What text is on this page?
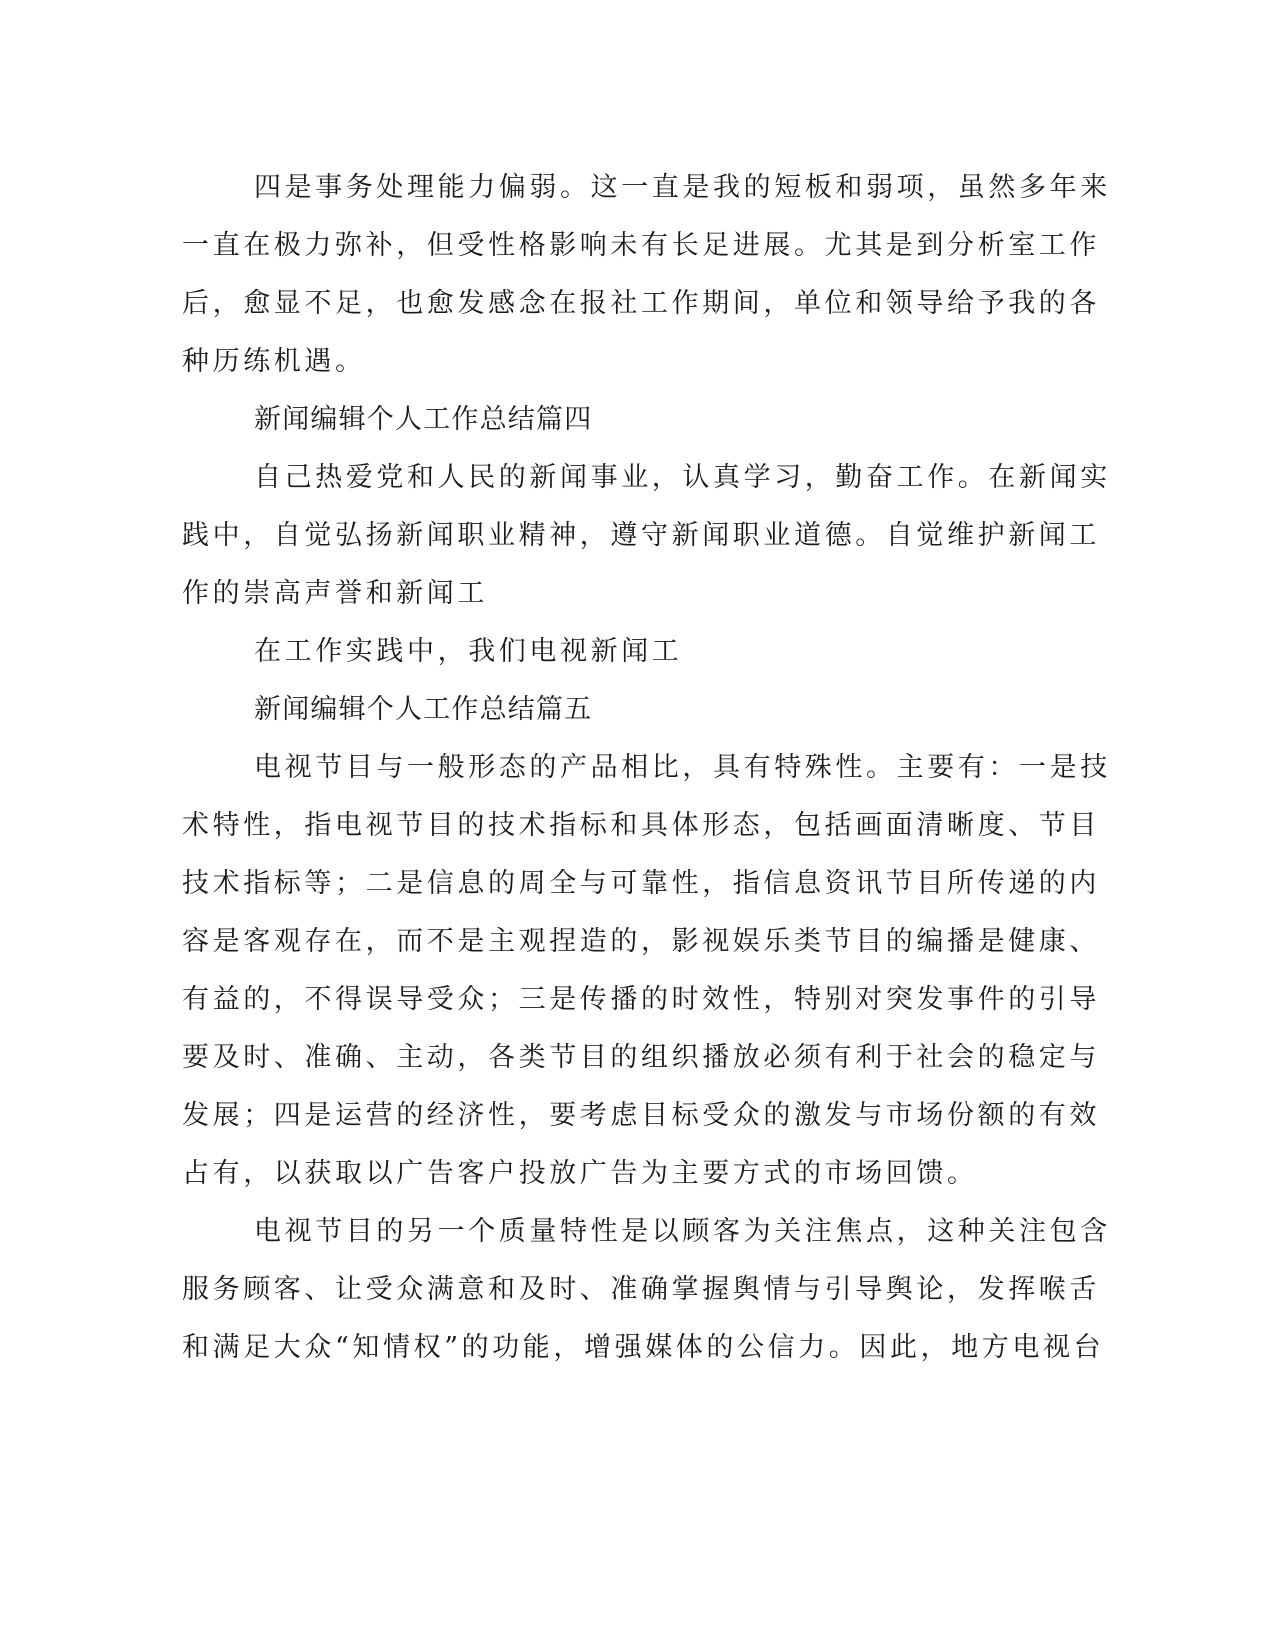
四是事务处理能力偏弱。这一直是我的短板和弱项，虽然多年来
一直在极力弥补，但受性格影响未有长足进展。尤其是到分析室工作
后，愈显不足，也愈发感念在报社工作期间，单位和领导给予我的各
种历练机遇。
新闻编辑个人工作总结篇四
自己热爱党和人民的新闻事业，认真学习，勤奋工作。在新闻实
践中，自觉弘扬新闻职业精神，遵守新闻职业道德。自觉维护新闻工
作的崇高声誉和新闻工
在工作实践中，我们电视新闻工
新闻编辑个人工作总结篇五
电视节目与一般形态的产品相比，具有特殊性。主要有：一是技
术特性，指电视节目的技术指标和具体形态，包括画面清晰度、节目
技术指标等；二是信息的周全与可靠性，指信息资讯节目所传递的内
容是客观存在，而不是主观捏造的，影视娱乐类节目的编播是健康、
有益的，不得误导受众；三是传播的时效性，特别对突发事件的引导
要及时、准确、主动，各类节目的组织播放必须有利于社会的稳定与
发展；四是运营的经济性，要考虑目标受众的激发与市场份额的有效
占有，以获取以广告客户投放广告为主要方式的市场回馈。
电视节目的另一个质量特性是以顾客为关注焦点，这种关注包含
服务顾客、让受众满意和及时、准确掌握舆情与引导舆论，发挥喉舌
和满足大众“知情权”的功能，增强媒体的公信力。因此，地方电视台
